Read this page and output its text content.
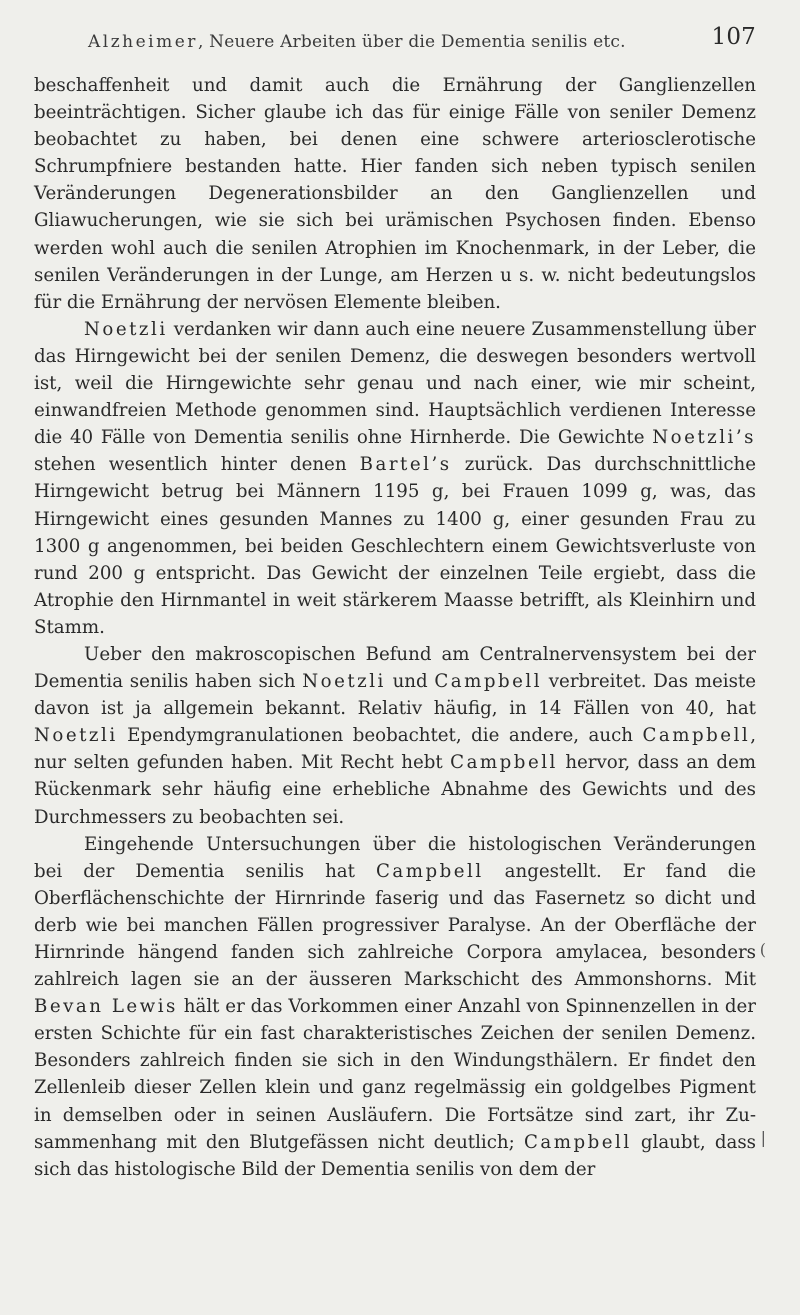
Alzheimer, Neuere Arbeiten über die Dementia senilis etc.	107

beschaffenheit und damit auch die Ernährung der Ganglienzellen beeinträchtigen. Sicher glaube ich das für einige Fälle von seniler Demenz beobachtet zu haben, bei denen eine schwere arteriosclerotische Schrumpfniere bestanden hatte. Hier fanden sich neben typisch senilen Veränderungen Degenerationsbilder an den Ganglienzellen und Gliawucherungen, wie sie sich bei urämischen Psychosen finden. Ebenso werden wohl auch die senilen Atrophien im Knochenmark, in der Leber, die senilen Veränderungen in der Lunge, am Herzen u s. w. nicht bedeutungslos für die Ernährung der nervösen Elemente bleiben.

Noetzli verdanken wir dann auch eine neuere Zusammenstellung über das Hirngewicht bei der senilen Demenz, die deswegen besonders wertvoll ist, weil die Hirngewichte sehr genau und nach einer, wie mir scheint, einwandfreien Methode genommen sind. Hauptsächlich verdienen Interesse die 40 Fälle von Dementia senilis ohne Hirnherde. Die Gewichte Noetzli’s stehen wesentlich hinter denen Bartel’s zurück. Das durchschnittliche Hirngewicht betrug bei Männern 1195 g, bei Frauen 1099 g, was, das Hirngewicht eines gesunden Mannes zu 1400 g, einer gesunden Frau zu 1300 g angenommen, bei beiden Geschlechtern einem Gewichtsverluste von rund 200 g entspricht. Das Gewicht der einzelnen Teile ergiebt, dass die Atrophie den Hirnmantel in weit stärkerem Maasse betrifft, als Kleinhirn und Stamm.

Ueber den makroscopischen Befund am Centralnervensystem bei der Dementia senilis haben sich Noetzli und Campbell verbreitet. Das meiste davon ist ja allgemein bekannt. Relativ häufig, in 14 Fällen von 40, hat Noetzli Ependymgranulationen beobachtet, die andere, auch Campbell, nur selten gefunden haben. Mit Recht hebt Campbell hervor, dass an dem Rückenmark sehr häufig eine erhebliche Abnahme des Gewichts und des Durchmessers zu beobachten sei.

Eingehende Untersuchungen über die histologischen Veränderungen bei der Dementia senilis hat Campbell angestellt. Er fand die Oberflächenschichte der Hirnrinde faserig und das Fasernetz so dicht und derb wie bei manchen Fällen progressiver Paralyse. An der Oberfläche der Hirnrinde hängend fanden sich zahlreiche Corpora amylacea, besonders zahlreich lagen sie an der äusseren Markschicht des Ammonshorns. Mit Bevan Lewis hält er das Vorkommen einer Anzahl von Spinnenzellen in der ersten Schichte für ein fast charakteristisches Zeichen der senilen Demenz. Besonders zahlreich finden sie sich in den Windungsthälern. Er findet den Zellenleib dieser Zellen klein und ganz regelmässig ein goldgelbes Pigment in demselben oder in seinen Ausläufern. Die Fortsätze sind zart, ihr Zusammenhang mit den Blutgefässen nicht deutlich; Campbell glaubt, dass sich das histologische Bild der Dementia senilis von dem der

(
|
